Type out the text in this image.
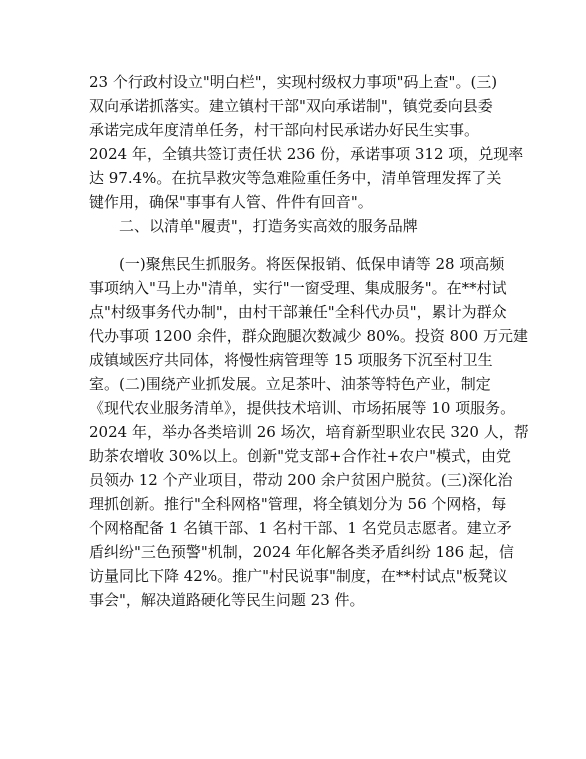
23 个行政村设立"明白栏"，实现村级权力事项"码上查"。(三)
双向承诺抓落实。建立镇村干部"双向承诺制"，镇党委向县委
承诺完成年度清单任务，村干部向村民承诺办好民生实事。
2024 年，全镇共签订责任状 236 份，承诺事项 312 项，兑现率
达 97.4%。在抗旱救灾等急难险重任务中，清单管理发挥了关
键作用，确保"事事有人管、件件有回音"。
二、以清单"履责"，打造务实高效的服务品牌
(一)聚焦民生抓服务。将医保报销、低保申请等 28 项高频
事项纳入"马上办"清单，实行"一窗受理、集成服务"。在**村试
点"村级事务代办制"，由村干部兼任"全科代办员"，累计为群众
代办事项 1200 余件，群众跑腿次数减少 80%。投资 800 万元建
成镇域医疗共同体，将慢性病管理等 15 项服务下沉至村卫生
室。(二)围绕产业抓发展。立足茶叶、油茶等特色产业，制定
《现代农业服务清单》，提供技术培训、市场拓展等 10 项服务。
2024 年，举办各类培训 26 场次，培育新型职业农民 320 人，帮
助茶农增收 30%以上。创新"党支部+合作社+农户"模式，由党
员领办 12 个产业项目，带动 200 余户贫困户脱贫。(三)深化治
理抓创新。推行"全科网格"管理，将全镇划分为 56 个网格，每
个网格配备 1 名镇干部、1 名村干部、1 名党员志愿者。建立矛
盾纠纷"三色预警"机制，2024 年化解各类矛盾纠纷 186 起，信
访量同比下降 42%。推广"村民说事"制度，在**村试点"板凳议
事会"，解决道路硬化等民生问题 23 件。
